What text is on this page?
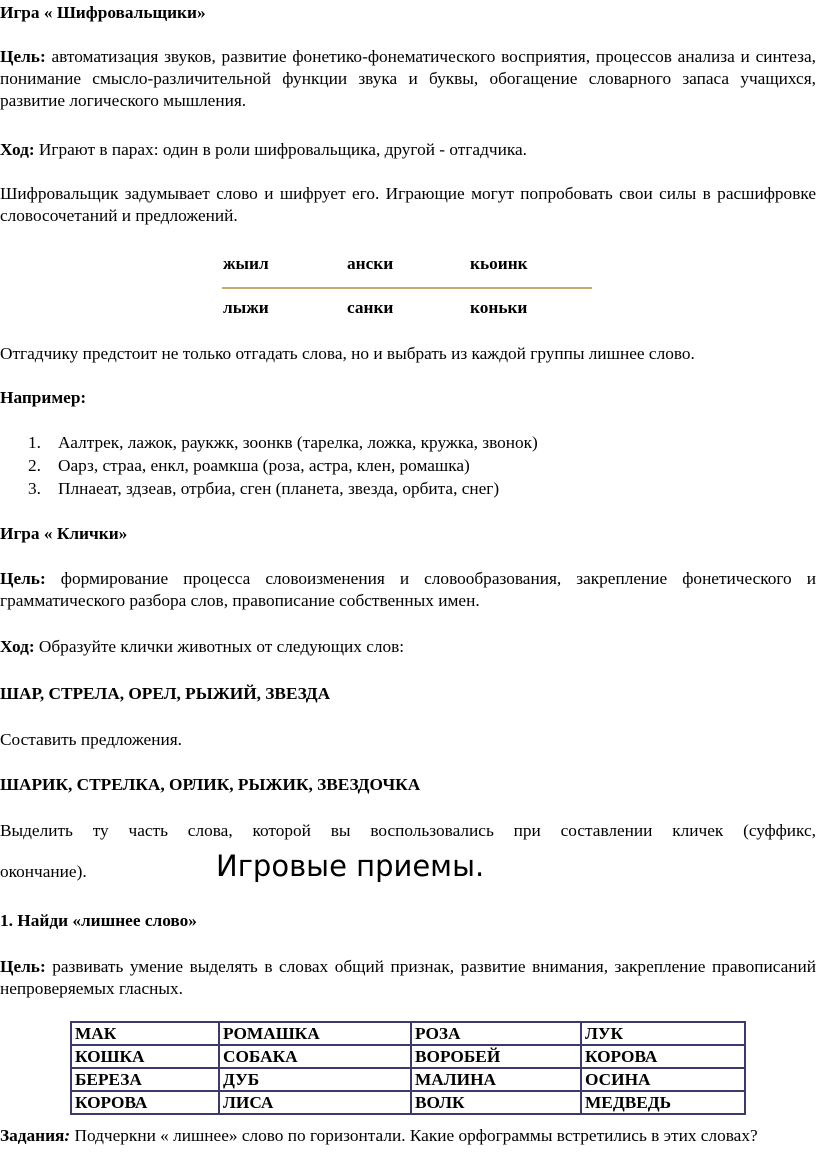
Игра « Шифровальщики»

Цель: автоматизация звуков, развитие фонетико-фонематического восприятия, процессов анализа и синтеза, понимание смысло-различительной функции звука и буквы, обогащение словарного запаса учащихся, развитие логического мышления.

Ход: Играют в парах: один в роли шифровальщика, другой - отгадчика.

Шифровальщик задумывает слово и шифрует его. Играющие могут попробовать свои силы в расшифровке словосочетаний и предложений.

жыил	ански	кьоинк
лыжи	санки	коньки

Отгадчику предстоит не только отгадать слова, но и выбрать из каждой группы лишнее слово.

Например:

1. Аалтрек, лажок, раукжк, зоонкв (тарелка, ложка, кружка, звонок)
2. Оарз, страа, енкл, роамкша (роза, астра, клен, ромашка)
3. Плнаеат, здзеав, отрбиа, сген (планета, звезда, орбита, снег)

Игра « Клички»

Цель: формирование процесса словоизменения и словообразования, закрепление фонетического и грамматического разбора слов, правописание собственных имен.

Ход: Образуйте клички животных от следующих слов:

ШАР, СТРЕЛА, ОРЕЛ, РЫЖИЙ, ЗВЕЗДА

Составить предложения.

ШАРИК, СТРЕЛКА, ОРЛИК, РЫЖИК, ЗВЕЗДОЧКА

Выделить ту часть слова, которой вы воспользовались при составлении кличек (суффикс,

окончание).	Игровые приемы.

1. Найди «лишнее слово»

Цель: развивать умение выделять в словах общий признак, развитие внимания, закрепление правописаний непроверяемых гласных.

МАК	РОМАШКА	РОЗА	ЛУК
КОШКА	СОБАКА	ВОРОБЕЙ	КОРОВА
БЕРЕЗА	ДУБ	МАЛИНА	ОСИНА
КОРОВА	ЛИСА	ВОЛК	МЕДВЕДЬ

Задания: Подчеркни « лишнее» слово по горизонтали. Какие орфограммы встретились в этих словах?
